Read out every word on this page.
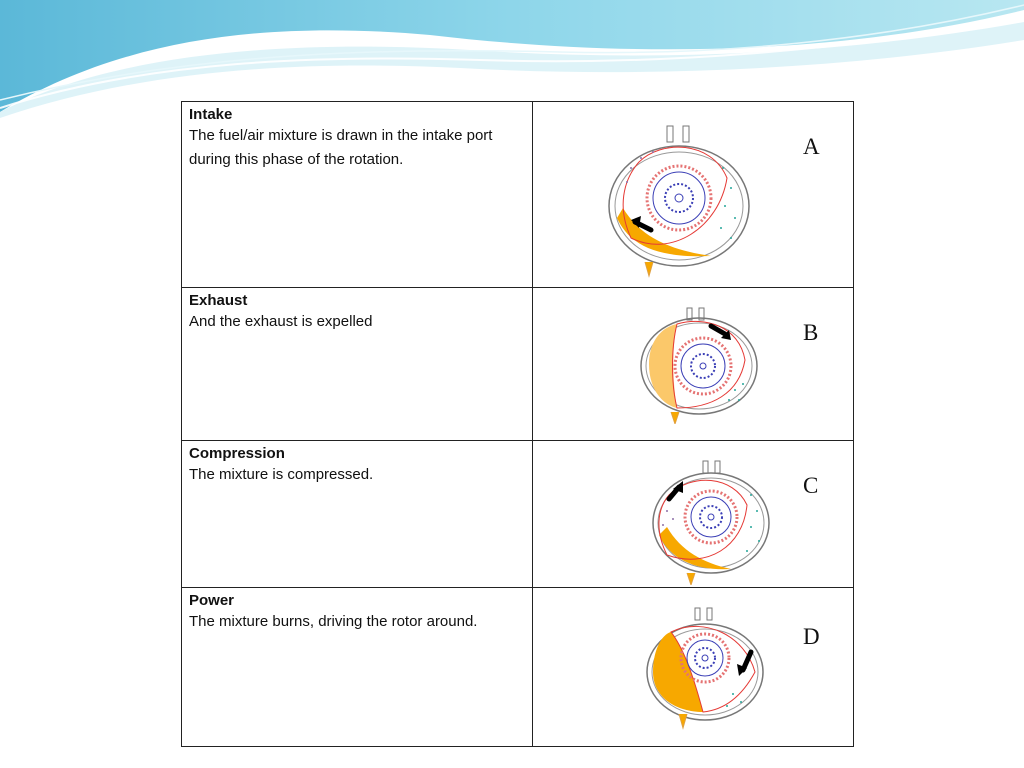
Intake
The fuel/air mixture is drawn in the intake port during this phase of the rotation.	A

Exhaust
And the exhaust is expelled	B

Compression
The mixture is compressed.	C

Power
The mixture burns, driving the rotor around.	D
